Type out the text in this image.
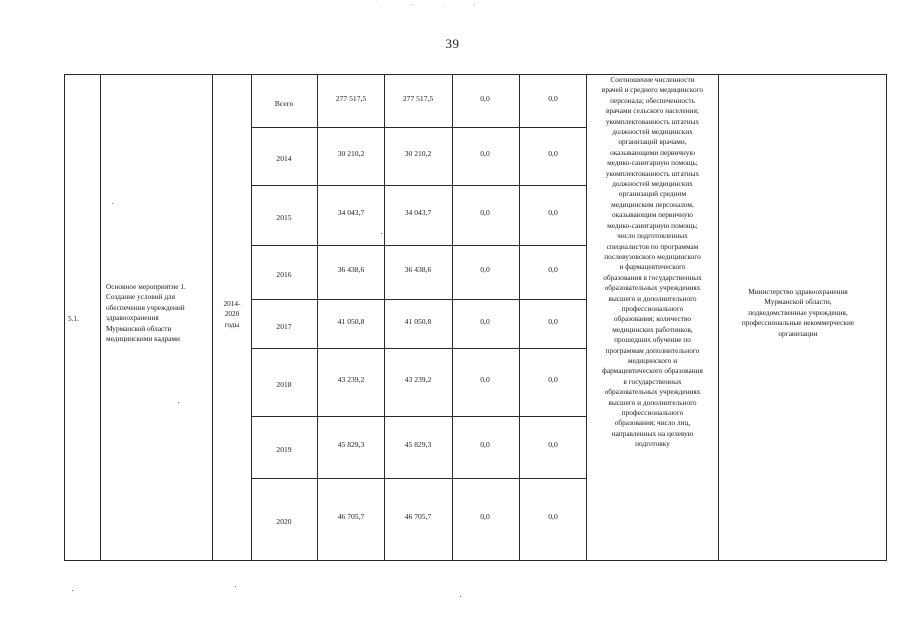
· ' · '
39
5.1.
Основное мероприятие 1.
Создание условий для
обеспечения учреждений
здравоохранения
Мурманской области
медицинскими кадрами
2014-
2020
годы
Соотношение численности
врачей и среднего медицинского
персонала; обеспеченность
врачами сельского населения;
укомплектованность штатных
должностей медицинских
организаций врачами,
оказывающими первичную
медико-санитарную помощь;
укомплектованность штатных
должностей медицинских
организаций средним
медицинским персоналом,
оказывающим первичную
медико-санитарную помощь;
число подготовленных
специалистов по программам
послевузовского медицинского
и фармацевтического
образования в государственных
образовательных учреждениях
высшего и дополнительного
профессионального
образования; количество
медицинских работников,
прошедших обучение по
программам дополнительного
медицинского и
фармацевтического образования
в государственных
образовательных учреждениях
высшего и дополнительного
профессионального
образования; число лиц,
направленных на целевую
подготовку
Министерство здравоохранения
Мурманской области,
подведомственные учреждения,
профессиональные некоммерческие
организации
Всего
277 517,5	277 517,5	0,0	0,0
2014
30 210,2	30 210,2	0,0	0,0
2015
34 043,7	34 043,7	0,0	0,0
2016
36 438,6	36 438,6	0,0	0,0
2017
41 050,8	41 050,8	0,0	0,0
2018
43 239,2	43 239,2	0,0	0,0
2019
45 829,3	45 829,3	0,0	0,0
2020
46 705,7	46 705,7	0,0	0,0
